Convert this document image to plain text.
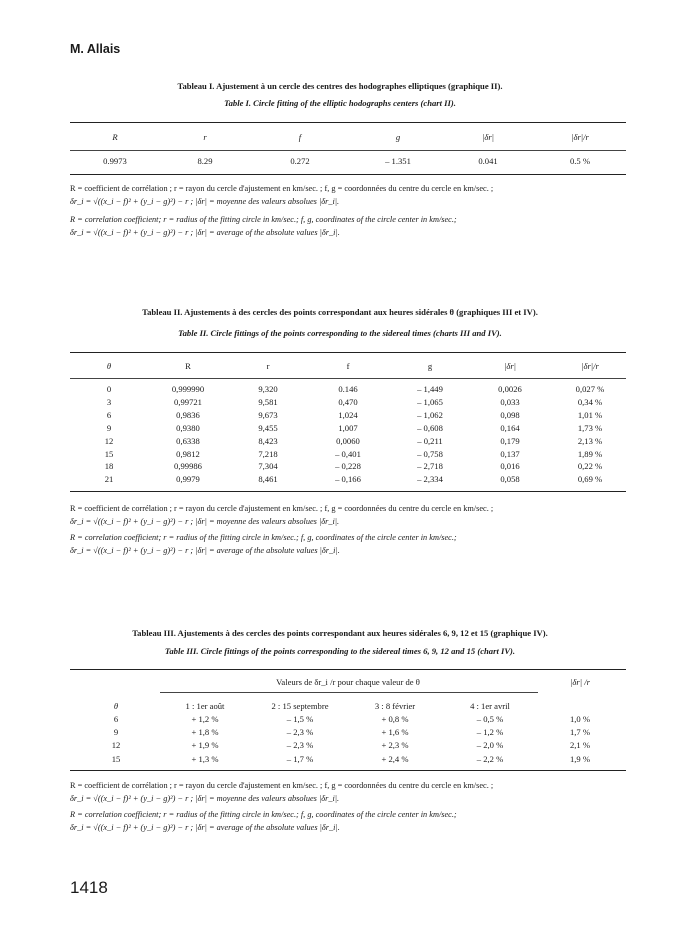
M. Allais
Tableau I. Ajustement à un cercle des centres des hodographes elliptiques (graphique II).
Table I. Circle fitting of the elliptic hodographs centers (chart II).
R	r	f	g	|δr|	|δr|/r
0.9973	8.29	0.272	– 1.351	0.041	0.5 %
R = coefficient de corrélation ; r = rayon du cercle d'ajustement en km/sec. ; f, g = coordonnées du centre du cercle en km/sec. ;
δr_i = √((x_i − f)² + (y_i − g)²) − r ; |δr| = moyenne des valeurs absolues |δr_i|.
R = correlation coefficient; r = radius of the fitting circle in km/sec.; f, g, coordinates of the circle center in km/sec.;
δr_i = √((x_i − f)² + (y_i − g)²) − r ; |δr| = average of the absolute values |δr_i|.
Tableau II. Ajustements à des cercles des points correspondant aux heures sidérales θ (graphiques III et IV).
Table II. Circle fittings of the points corresponding to the sidereal times (charts III and IV).
θ	R	r	f	g	|δr|	|δr|/r
0	0,999990	9,320	0.146	– 1,449	0,0026	0,027 %
3	0,99721	9,581	0,470	– 1,065	0,033	0,34 %
6	0,9836	9,673	1,024	– 1,062	0,098	1,01 %
9	0,9380	9,455	1,007	– 0,608	0,164	1,73 %
12	0,6338	8,423	0,0060	– 0,211	0,179	2,13 %
15	0,9812	7,218	– 0,401	– 0,758	0,137	1,89 %
18	0,99986	7,304	– 0,228	– 2,718	0,016	0,22 %
21	0,9979	8,461	– 0,166	– 2,334	0,058	0,69 %
R = coefficient de corrélation ; r = rayon du cercle d'ajustement en km/sec. ; f, g = coordonnées du centre du cercle en km/sec. ;
δr_i = √((x_i − f)² + (y_i − g)²) − r ; |δr| = moyenne des valeurs absolues |δr_i|.
R = correlation coefficient; r = radius of the fitting circle in km/sec.; f, g, coordinates of the circle center in km/sec.;
δr_i = √((x_i − f)² + (y_i − g)²) − r ; |δr| = average of the absolute values |δr_i|.
Tableau III. Ajustements à des cercles des points correspondant aux heures sidérales 6, 9, 12 et 15 (graphique IV).
Table III. Circle fittings of the points corresponding to the sidereal times 6, 9, 12 and 15 (chart IV).
Valeurs de δr_i /r pour chaque valeur de θ	|δr| /r
θ	1 : 1er août	2 : 15 septembre	3 : 8 février	4 : 1er avril
6	+ 1,2 %	– 1,5 %	+ 0,8 %	– 0,5 %	1,0 %
9	+ 1,8 %	– 2,3 %	+ 1,6 %	– 1,2 %	1,7 %
12	+ 1,9 %	– 2,3 %	+ 2,3 %	– 2,0 %	2,1 %
15	+ 1,3 %	– 1,7 %	+ 2,4 %	– 2,2 %	1,9 %
R = coefficient de corrélation ; r = rayon du cercle d'ajustement en km/sec. ; f, g = coordonnées du centre du cercle en km/sec. ;
δr_i = √((x_i − f)² + (y_i − g)²) − r ; |δr| = moyenne des valeurs absolues |δr_i|.
R = correlation coefficient; r = radius of the fitting circle in km/sec.; f, g, coordinates of the circle center in km/sec.;
δr_i = √((x_i − f)² + (y_i − g)²) − r ; |δr| = average of the absolute values |δr_i|.
1418
